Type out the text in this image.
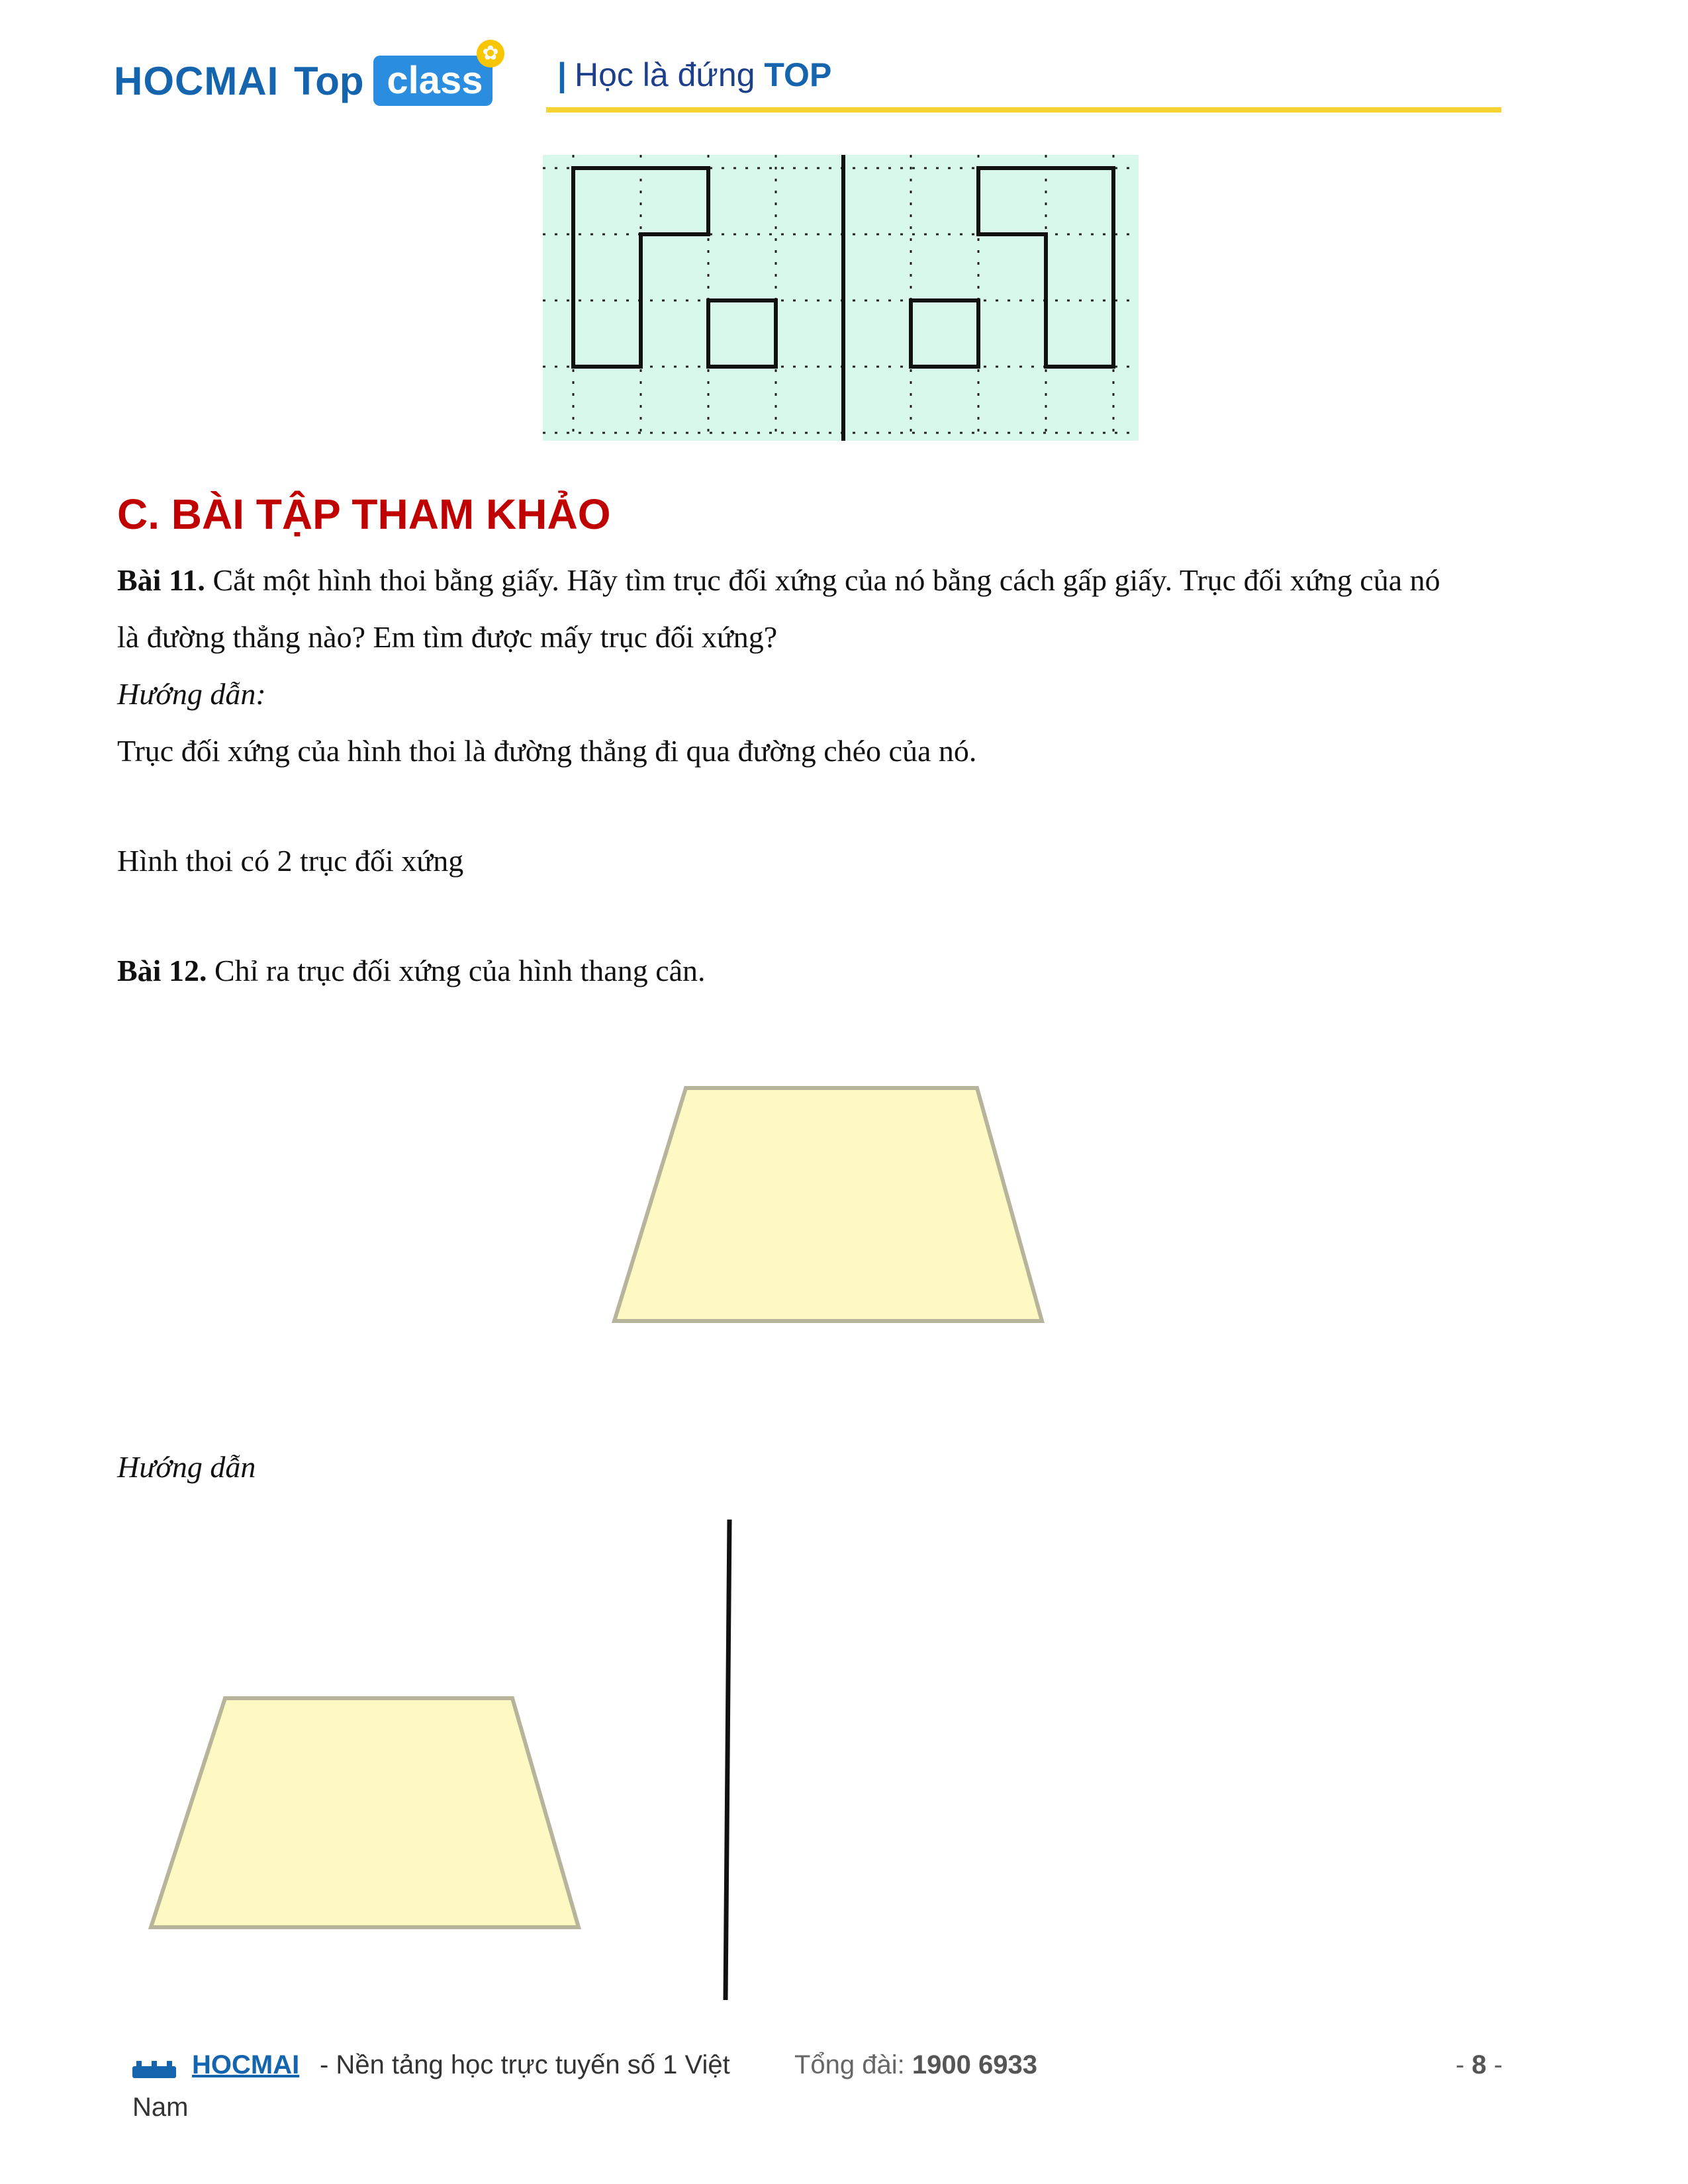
HOCMAI Top class
✿
| Học là đứng TOP
C. BÀI TẬP THAM KHẢO
Bài 11. Cắt một hình thoi bằng giấy. Hãy tìm trục đối xứng của nó bằng cách gấp giấy. Trục đối xứng của nó
là đường thẳng nào? Em tìm được mấy trục đối xứng?
Hướng dẫn:
Trục đối xứng của hình thoi là đường thẳng đi qua đường chéo của nó.
Hình thoi có 2 trục đối xứng
Bài 12. Chỉ ra trục đối xứng của hình thang cân.
Hướng dẫn
HOCMAI - Nền tảng học trực tuyến số 1 Việt Tổng đài: 1900 6933	- 8 -
Nam
